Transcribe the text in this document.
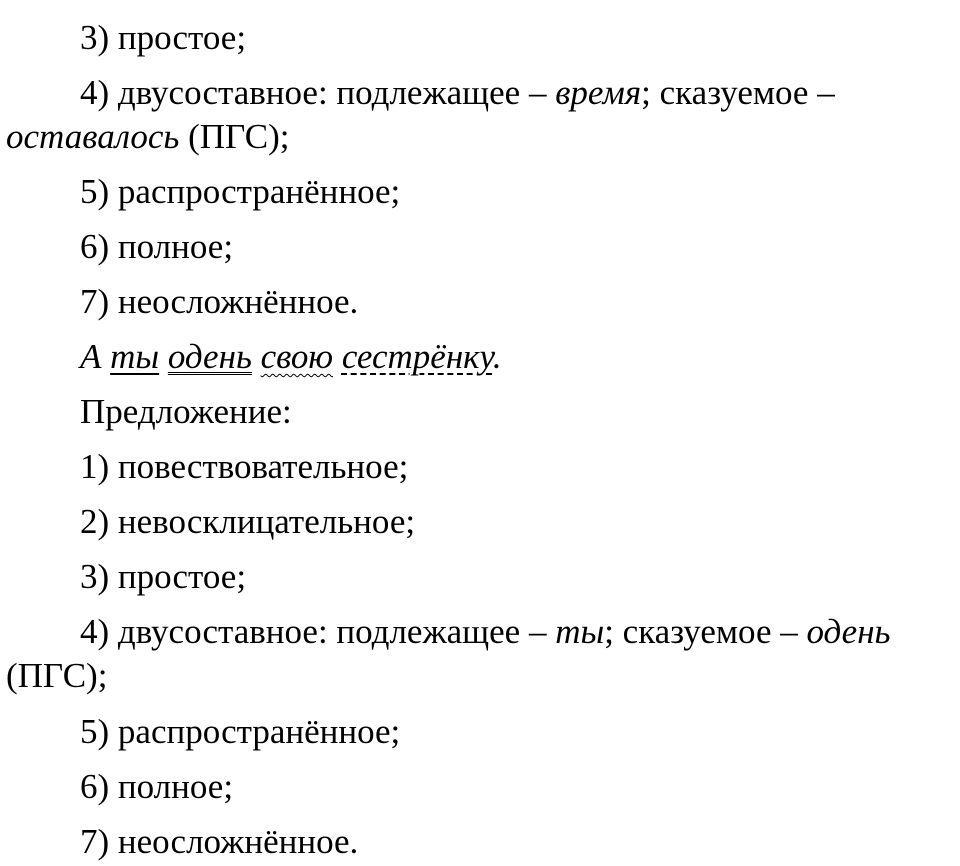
3) простое;
4) двусоставное: подлежащее – время; сказуемое –
оставалось (ПГС);
5) распространённое;
6) полное;
7) неосложнённое.
А ты одень свою сестрёнку.
Предложение:
1) повествовательное;
2) невосклицательное;
3) простое;
4) двусоставное: подлежащее – ты; сказуемое – одень
(ПГС);
5) распространённое;
6) полное;
7) неосложнённое.
